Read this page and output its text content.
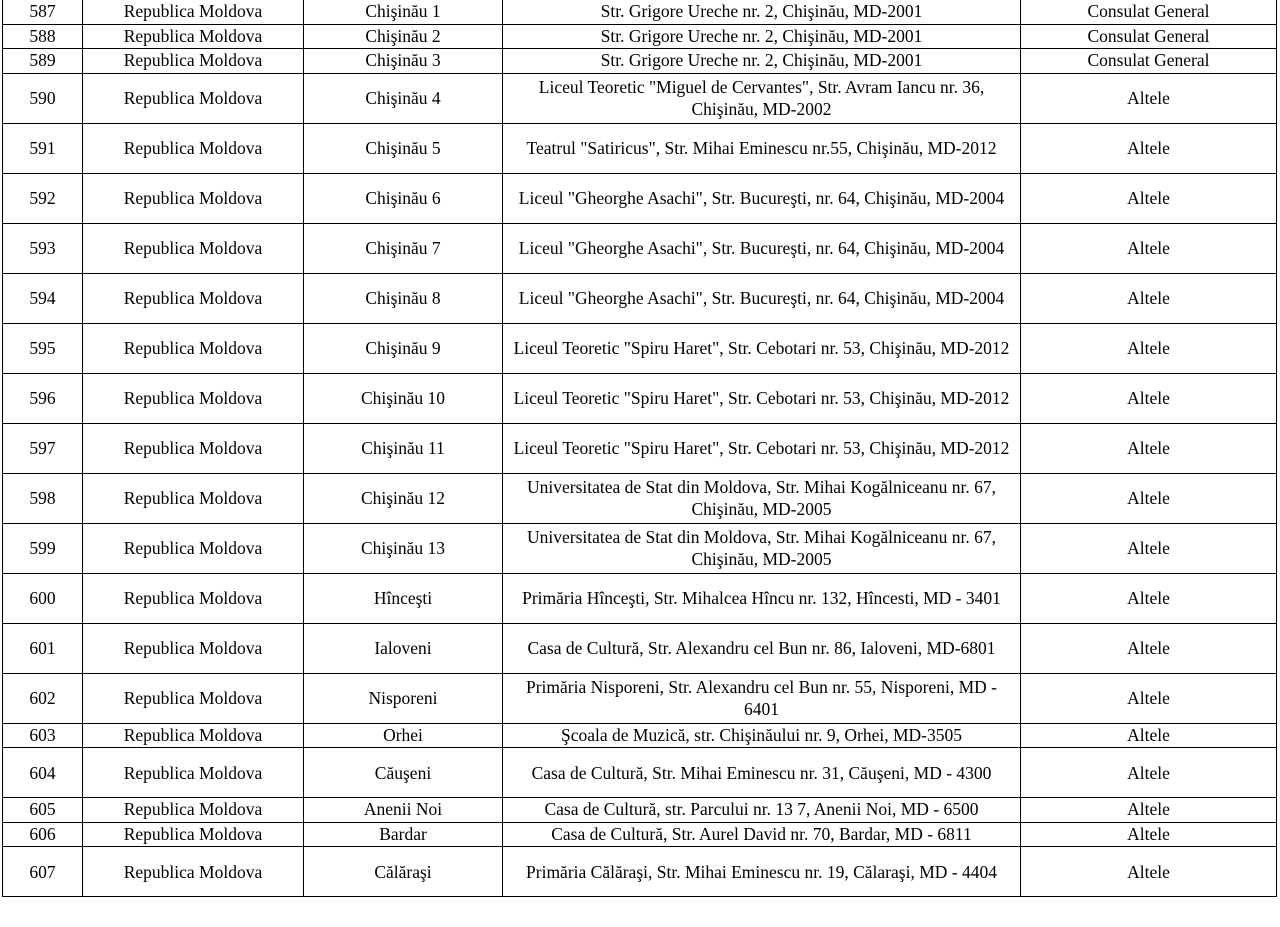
587	Republica Moldova	Chişinău 1	Str. Grigore Ureche nr. 2, Chişinău, MD-2001	Consulat General
588	Republica Moldova	Chişinău 2	Str. Grigore Ureche nr. 2, Chişinău, MD-2001	Consulat General
589	Republica Moldova	Chişinău 3	Str. Grigore Ureche nr. 2, Chişinău, MD-2001	Consulat General
590	Republica Moldova	Chişinău 4	Liceul Teoretic "Miguel de Cervantes", Str. Avram Iancu nr. 36, Chişinău, MD-2002	Altele
591	Republica Moldova	Chişinău 5	Teatrul "Satiricus", Str. Mihai Eminescu nr.55, Chişinău, MD-2012	Altele
592	Republica Moldova	Chişinău 6	Liceul "Gheorghe Asachi", Str. Bucureşti, nr. 64, Chişinău, MD-2004	Altele
593	Republica Moldova	Chişinău 7	Liceul "Gheorghe Asachi", Str. Bucureşti, nr. 64, Chişinău, MD-2004	Altele
594	Republica Moldova	Chişinău 8	Liceul "Gheorghe Asachi", Str. Bucureşti, nr. 64, Chişinău, MD-2004	Altele
595	Republica Moldova	Chişinău 9	Liceul Teoretic "Spiru Haret", Str. Cebotari nr. 53, Chişinău, MD-2012	Altele
596	Republica Moldova	Chişinău 10	Liceul Teoretic "Spiru Haret", Str. Cebotari nr. 53, Chişinău, MD-2012	Altele
597	Republica Moldova	Chişinău 11	Liceul Teoretic "Spiru Haret", Str. Cebotari nr. 53, Chişinău, MD-2012	Altele
598	Republica Moldova	Chişinău 12	Universitatea de Stat din Moldova, Str. Mihai Kogălniceanu nr. 67, Chişinău, MD-2005	Altele
599	Republica Moldova	Chişinău 13	Universitatea de Stat din Moldova, Str. Mihai Kogălniceanu nr. 67, Chişinău, MD-2005	Altele
600	Republica Moldova	Hînceşti	Primăria Hînceşti, Str. Mihalcea Hîncu nr. 132, Hîncesti, MD - 3401	Altele
601	Republica Moldova	Ialoveni	Casa de Cultură, Str. Alexandru cel Bun nr. 86, Ialoveni, MD-6801	Altele
602	Republica Moldova	Nisporeni	Primăria Nisporeni, Str. Alexandru cel Bun nr. 55, Nisporeni, MD - 6401	Altele
603	Republica Moldova	Orhei	Şcoala de Muzică, str. Chişinăului nr. 9, Orhei, MD-3505	Altele
604	Republica Moldova	Căuşeni	Casa de Cultură, Str. Mihai Eminescu nr. 31, Căuşeni, MD - 4300	Altele
605	Republica Moldova	Anenii Noi	Casa de Cultură, str. Parcului nr. 13 7, Anenii Noi, MD - 6500	Altele
606	Republica Moldova	Bardar	Casa de Cultură, Str. Aurel David nr. 70, Bardar, MD - 6811	Altele
607	Republica Moldova	Călăraşi	Primăria Călăraşi, Str. Mihai Eminescu nr. 19, Călaraşi, MD - 4404	Altele
